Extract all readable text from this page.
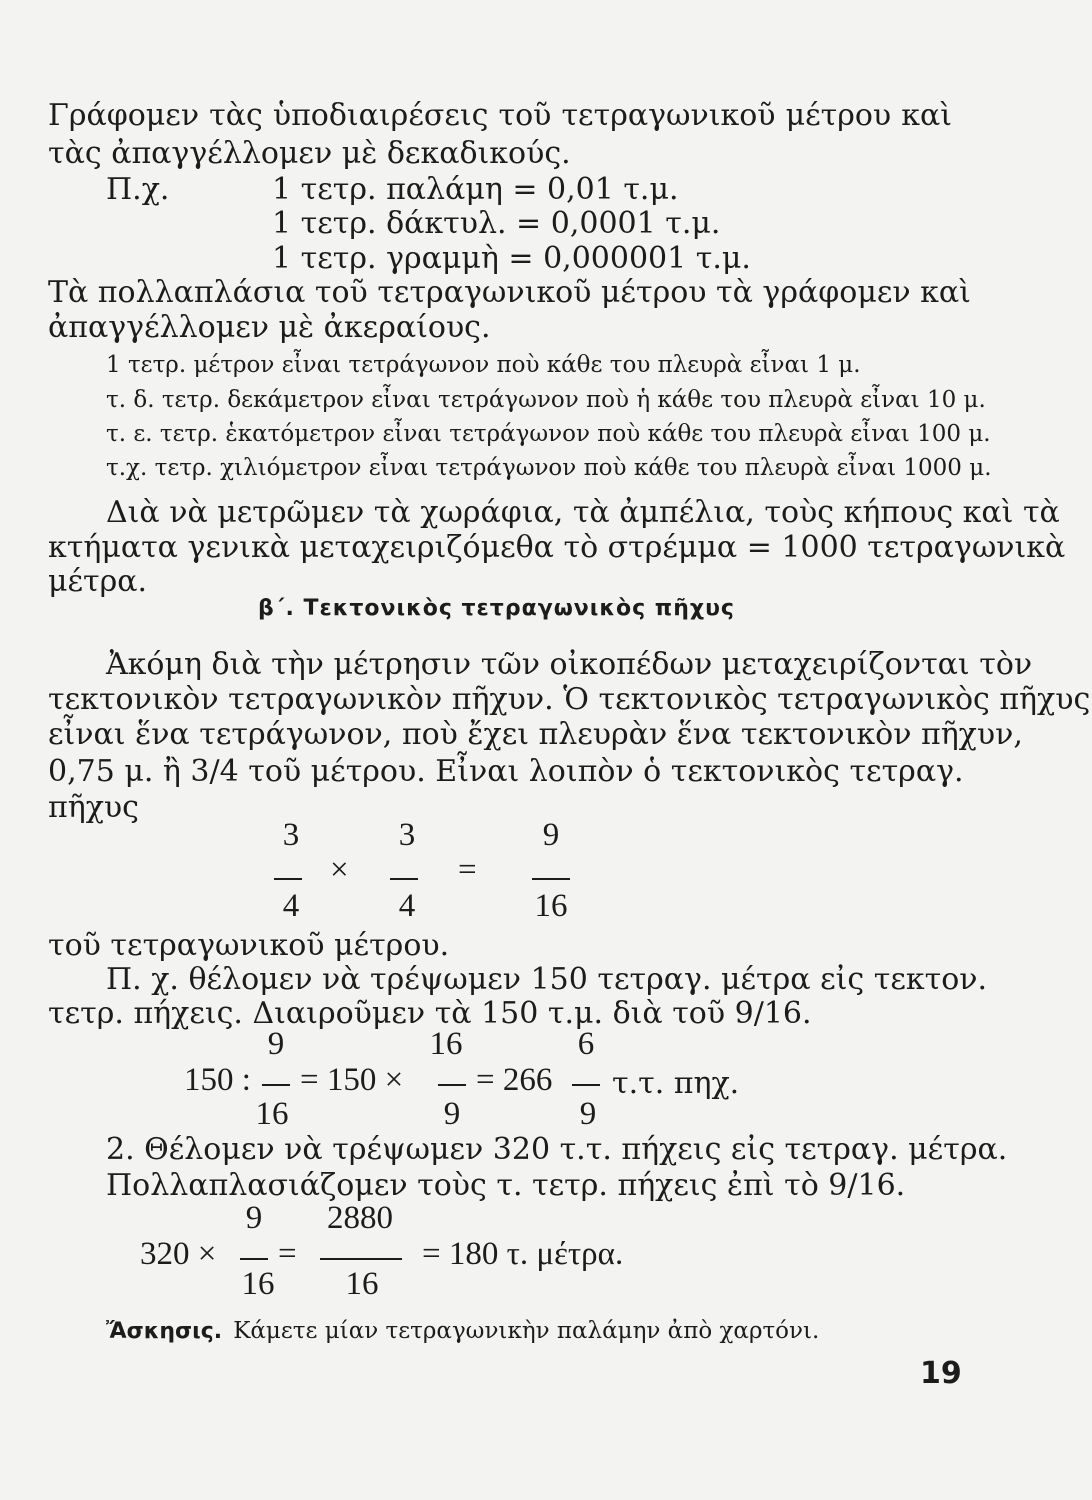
Γράφομεν τὰς ὑποδιαιρέσεις τοῦ τετραγωνικοῦ μέτρου καὶ
τὰς ἀπαγγέλλομεν μὲ δεκαδικούς.
Π.χ.	1 τετρ. παλάμη = 0,01 τ.μ.
1 τετρ. δάκτυλ. = 0,0001 τ.μ.
1 τετρ. γραμμὴ = 0,000001 τ.μ.
Τὰ πολλαπλάσια τοῦ τετραγωνικοῦ μέτρου τὰ γράφομεν καὶ
ἀπαγγέλλομεν μὲ ἀκεραίους.
1 τετρ. μέτρον εἶναι τετράγωνον ποὺ κάθε του πλευρὰ εἶναι 1 μ.
τ. δ. τετρ. δεκάμετρον εἶναι τετράγωνον ποὺ ἡ κάθε του πλευρὰ εἶναι 10 μ.
τ. ε. τετρ. ἑκατόμετρον εἶναι τετράγωνον ποὺ κάθε του πλευρὰ εἶναι 100 μ.
τ.χ. τετρ. χιλιόμετρον εἶναι τετράγωνον ποὺ κάθε του πλευρὰ εἶναι 1000 μ.
Διὰ νὰ μετρῶμεν τὰ χωράφια, τὰ ἀμπέλια, τοὺς κήπους καὶ τὰ
κτήματα γενικὰ μεταχειριζόμεθα τὸ στρέμμα = 1000 τετραγωνικὰ
μέτρα.
β΄. Τεκτονικὸς τετραγωνικὸς πῆχυς
Ἀκόμη διὰ τὴν μέτρησιν τῶν οἰκοπέδων μεταχειρίζονται τὸν
τεκτονικὸν τετραγωνικὸν πῆχυν. Ὁ τεκτονικὸς τετραγωνικὸς πῆχυς
εἶναι ἕνα τετράγωνον, ποὺ ἔχει πλευρὰν ἕνα τεκτονικὸν πῆχυν,
0,75 μ. ἢ 3/4 τοῦ μέτρου. Εἶναι λοιπὸν ὁ τεκτονικὸς τετραγ.
πῆχυς
3
4
×
3
4
=
9
16
τοῦ τετραγωνικοῦ μέτρου.
Π. χ. θέλομεν νὰ τρέψωμεν 150 τετραγ. μέτρα εἰς τεκτον.
τετρ. πήχεις. Διαιροῦμεν τὰ 150 τ.μ. διὰ τοῦ 9/16.
9	16	6
150 : = 150 × = 266 τ.τ. πηχ.
16	9	9
2. Θέλομεν νὰ τρέψωμεν 320 τ.τ. πήχεις εἰς τετραγ. μέτρα.
Πολλαπλασιάζομεν τοὺς τ. τετρ. πήχεις ἐπὶ τὸ 9/16.
9	2880
320 × =	= 180 τ. μέτρα.
16	16
Ἄσκησις. Κάμετε μίαν τετραγωνικὴν παλάμην ἀπὸ χαρτόνι.
19
